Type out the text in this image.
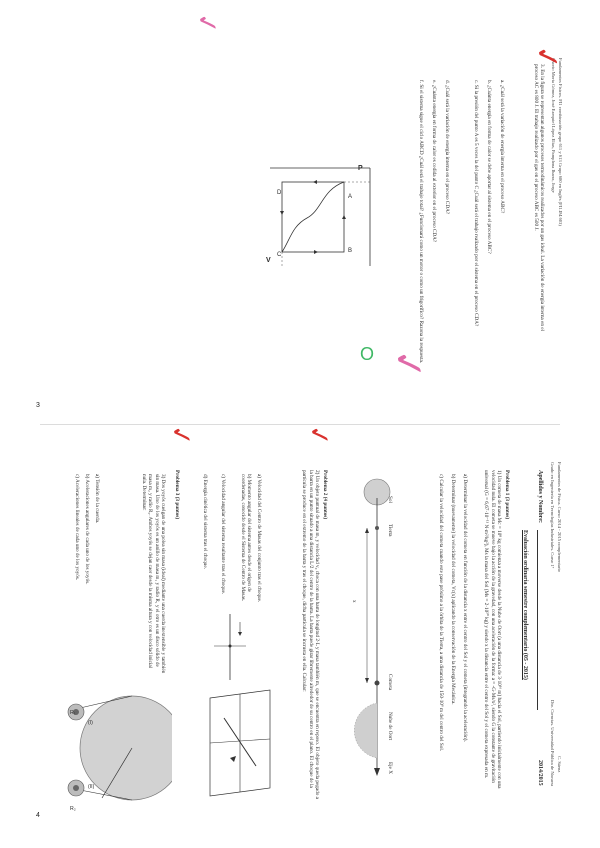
Fundamentos Físicos. FI1 combinación grupo 611 y 613 Grupo 680 en Inglés (FI1.IM.603)
Osorio Morta Gómez, José Ezequiel López Elias, Pamplona Ibarra, Jorge
3. En la figura se representan algunos procesos termodinámicos realizados por un gas ideal. La variación de energía interna en el proceso AC es 800 J. El trabajo realizado por el gas en el proceso ABC es 500 J.
a. ¿Cuál será la variación de energía interna en el proceso ABC?
b. ¿Cuánta energía en forma de calor se debe aportar al sistema en el proceso ABC?
c. Si la presión del punto A es 5 veces la del punto C ¿Cuál será el trabajo realizado por el sistema en el proceso CDA?
d. ¿Cuál será la variación de energía interna en el proceso CDA?
e. ¿Cuánta energía en forma de calor es cedida al exterior en el proceso CDA?
f. Si el sistema sigue el ciclo ABCD ¿Cuál será el trabajo total? ¿Funcionará como un motor o como un frigorífico? Razona la respuesta.
P
V
A
B
C
D
3
Fundamentos de Física. Curso 2014 - 2015 complementario
Grado en Ingeniería en Tecnologías Industriales. Curso 1º
C. Sáenz
Dto. Ciencias. Universidad Pública de Navarra
Apellidos y Nombre:
2014/2015
Evaluación ordinaria semestre complementario (05 - 2015)
Problema 1 (3 puntos)
1) Un cometa de masa Mc = 10⁸ kg comienza a moverse desde la Nube de Oort (a una distancia de 3·10¹⁶ m) hacia el Sol, partiendo inicialmente con una velocidad nula. El cometa se mueve bajo la acción de la gravedad, con una aceleración de la forma: a = -G·Ms/x², siendo G la constante de gravitación universal (G = 6,67·10⁻¹¹ N·m²/kg²), Ms la masa del Sol (Ms = 2·10³⁰ kg) y siendo x la distancia entre el centro del Sol y el cometa expresada en m.
a) Determinar la velocidad del cometa en función de la distancia x entre el centro del Sol y el cometa (integrando la aceleración).
b) Determinar (nuevamente) la velocidad del cometa, Vc(x) aplicando la conservación de la Energía Mecánica.
c) Calcular la velocidad del cometa cuando este pase próximo a la órbita de la Tierra, a una distancia de 150·10⁹ m del centro del Sol.
Sol
Tierra
Cometa
Nube de Oort
Eje X
x
Problema 2 (4 puntos)
2) Un objeto puntual de masa m₁ y velocidad v₀ choca con una barra de longitud 2·L y masa también m₁ que se encuentra en reposo. El objeto queda pegado a la barra en un punto situado a una distancia L/2 del centro de la barra. La barra puede girar libremente alrededor de su centro en el plano. El choque de la partícula se produce en el extremo de la barra y tras el choque, dicha partícula se incrusta en ella. Calcular:
a) Velocidad del Centro de Masas del conjunto tras el choque.
b) Momento angular del sistema antes desde el origen de coordenadas, conocido desde el Sistema de Centro de Masas.
c) Velocidad angular del sistema resultante tras el choque.
d) Energía cinética del sistema tras el choque.
Problema 3 (3 puntos)
3) Dos yoyós cuelgan de una polea sin masa (ideal) mediante una cuerda inextensible y también sin masa. Uno de los yoyós es un anillo de masa m₁ y radio R₁ y el otro es un disco sólido de masa m₂ y radio R₂. Ambos yoyós se dejan caer desde la misma altura y con velocidad inicial nula. Determinar:
a) Tensión de la cuerda.
b) Aceleraciones angulares de cada uno de los yoyós.
c) Aceleraciones lineales de cada uno de los yoyós.
(I)
(II)
R₁
R₂
4
✓
✓
O ✓
✓
✓
